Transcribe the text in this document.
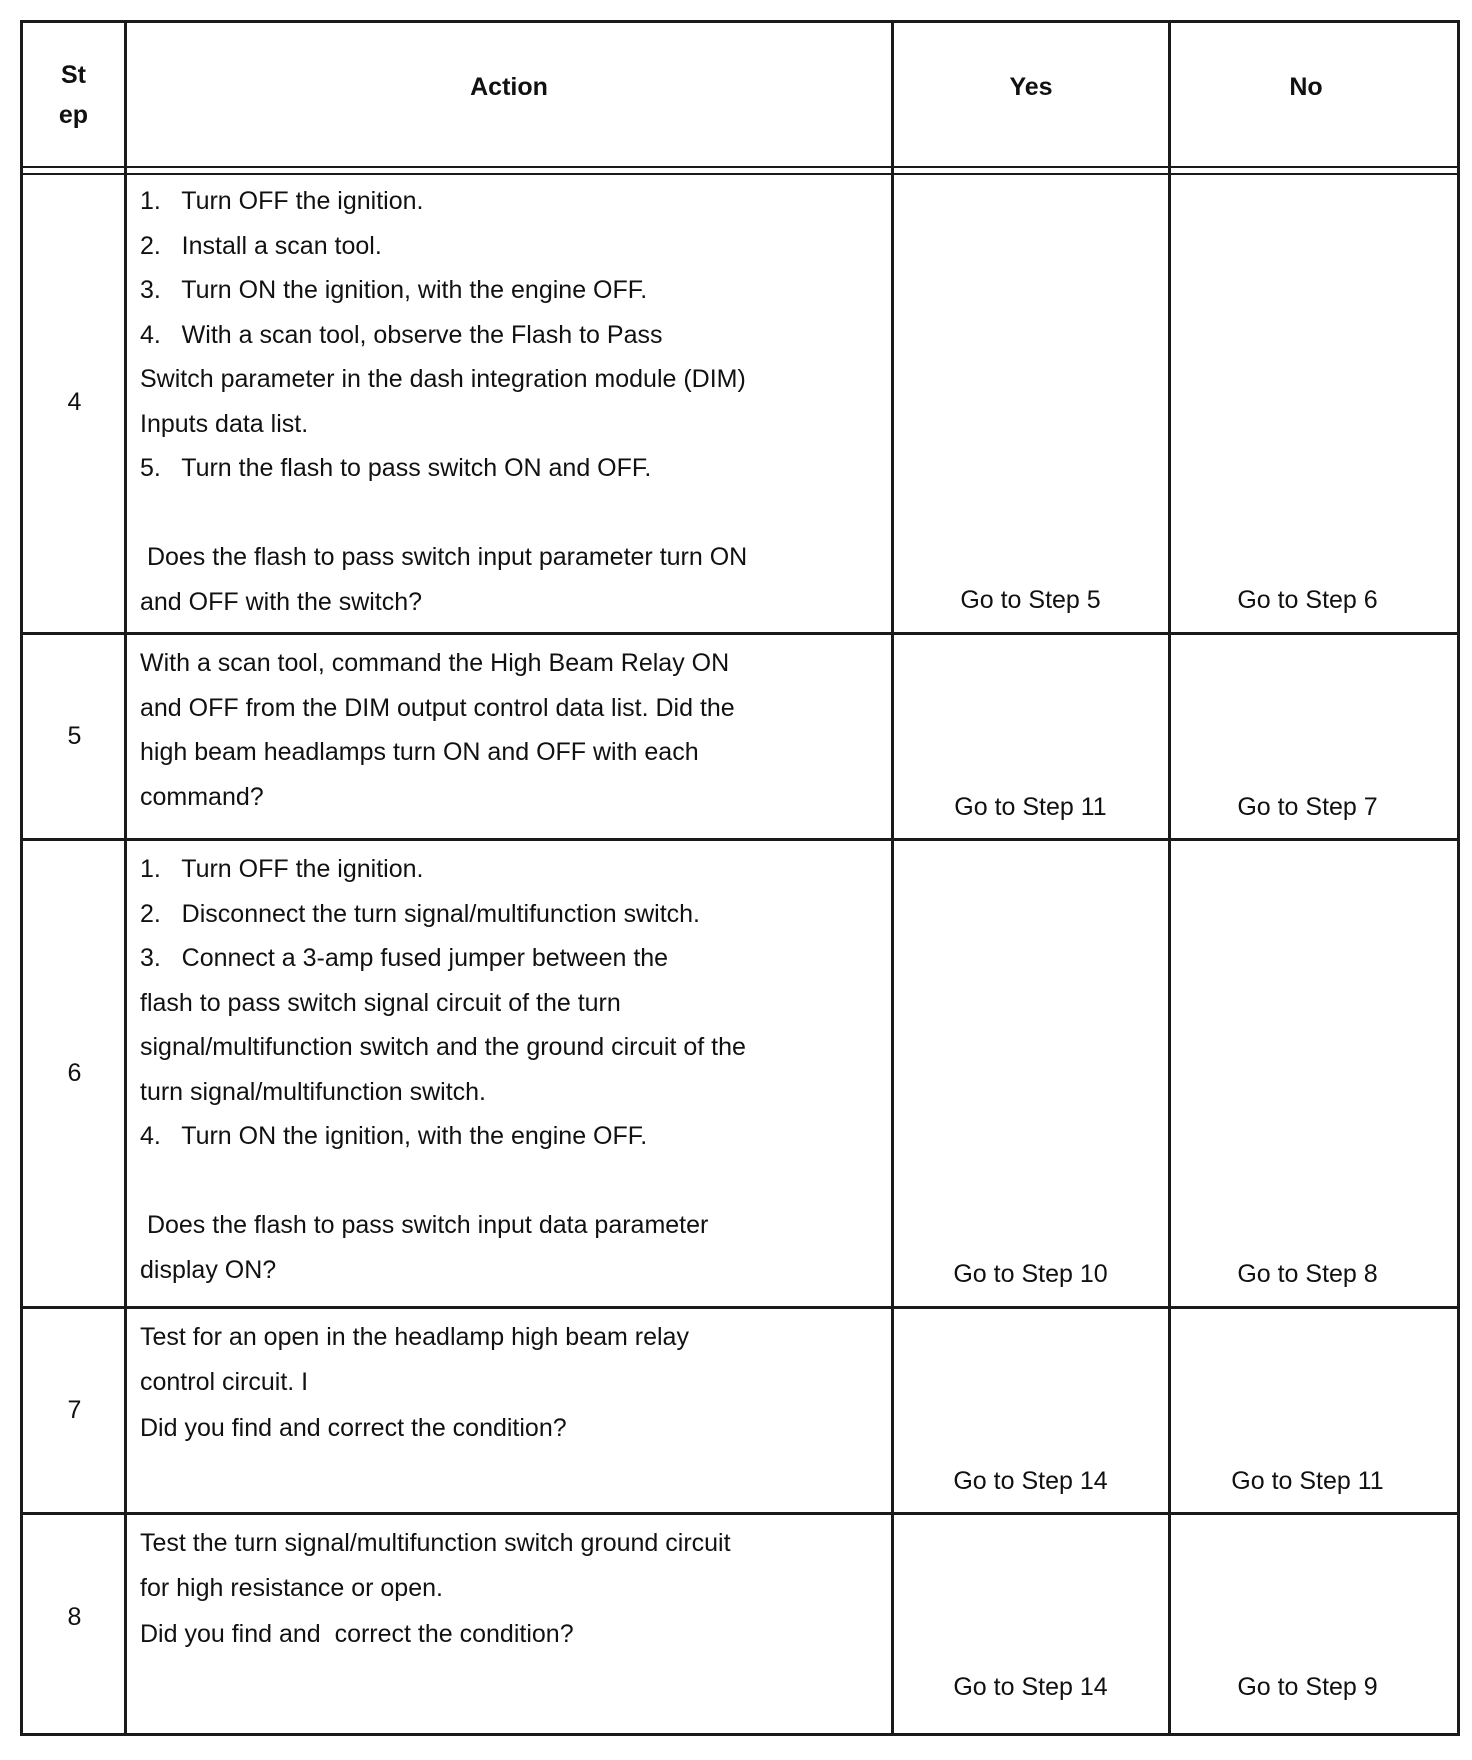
St
ep
Action	Yes	No
4
1.   Turn OFF the ignition.
2.   Install a scan tool.
3.   Turn ON the ignition, with the engine OFF.
4.   With a scan tool, observe the Flash to Pass
Switch parameter in the dash integration module (DIM)
Inputs data list.
5.   Turn the flash to pass switch ON and OFF.
Does the flash to pass switch input parameter turn ON
and OFF with the switch?	Go to Step 5	Go to Step 6
5
With a scan tool, command the High Beam Relay ON
and OFF from the DIM output control data list. Did the
high beam headlamps turn ON and OFF with each
command?	Go to Step 11	Go to Step 7
6
1.   Turn OFF the ignition.
2.   Disconnect the turn signal/multifunction switch.
3.   Connect a 3-amp fused jumper between the
flash to pass switch signal circuit of the turn
signal/multifunction switch and the ground circuit of the
turn signal/multifunction switch.
4.   Turn ON the ignition, with the engine OFF.
Does the flash to pass switch input data parameter
display ON?	Go to Step 10	Go to Step 8
7
Test for an open in the headlamp high beam relay
control circuit. I
Did you find and correct the condition?
Go to Step 14	Go to Step 11
8
Test the turn signal/multifunction switch ground circuit
for high resistance or open.
Did you find and  correct the condition?
Go to Step 14	Go to Step 9
